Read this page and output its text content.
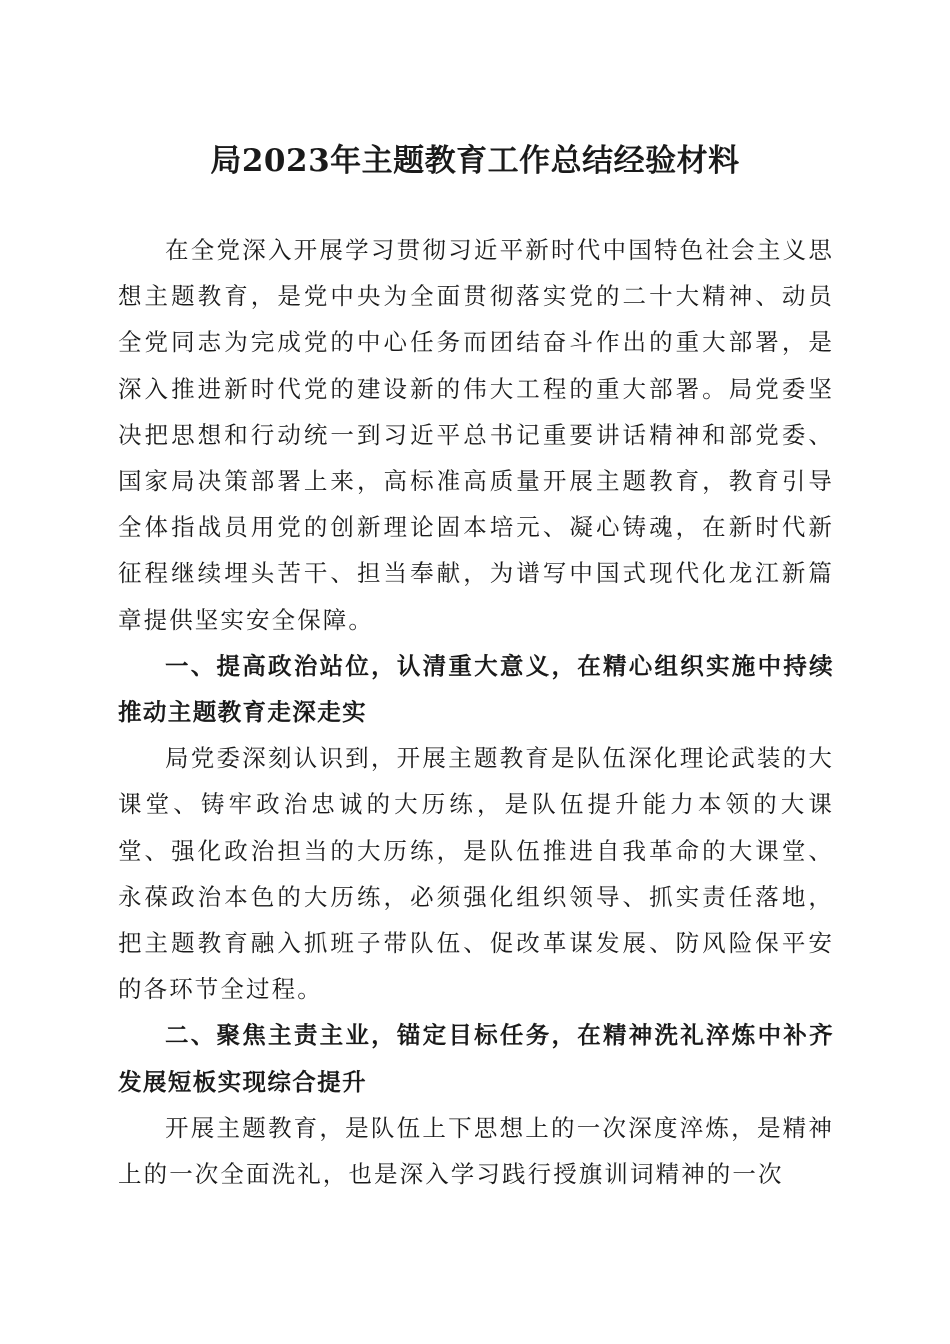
局2023年主题教育工作总结经验材料

在全党深入开展学习贯彻习近平新时代中国特色社会主义思想主题教育，是党中央为全面贯彻落实党的二十大精神、动员全党同志为完成党的中心任务而团结奋斗作出的重大部署，是深入推进新时代党的建设新的伟大工程的重大部署。局党委坚决把思想和行动统一到习近平总书记重要讲话精神和部党委、国家局决策部署上来，高标准高质量开展主题教育，教育引导全体指战员用党的创新理论固本培元、凝心铸魂，在新时代新征程继续埋头苦干、担当奉献，为谱写中国式现代化龙江新篇章提供坚实安全保障。

一、提高政治站位，认清重大意义，在精心组织实施中持续推动主题教育走深走实

局党委深刻认识到，开展主题教育是队伍深化理论武装的大课堂、铸牢政治忠诚的大历练，是队伍提升能力本领的大课堂、强化政治担当的大历练，是队伍推进自我革命的大课堂、永葆政治本色的大历练，必须强化组织领导、抓实责任落地，把主题教育融入抓班子带队伍、促改革谋发展、防风险保平安的各环节全过程。

二、聚焦主责主业，锚定目标任务，在精神洗礼淬炼中补齐发展短板实现综合提升

开展主题教育，是队伍上下思想上的一次深度淬炼，是精神上的一次全面洗礼，也是深入学习践行授旗训词精神的一次
